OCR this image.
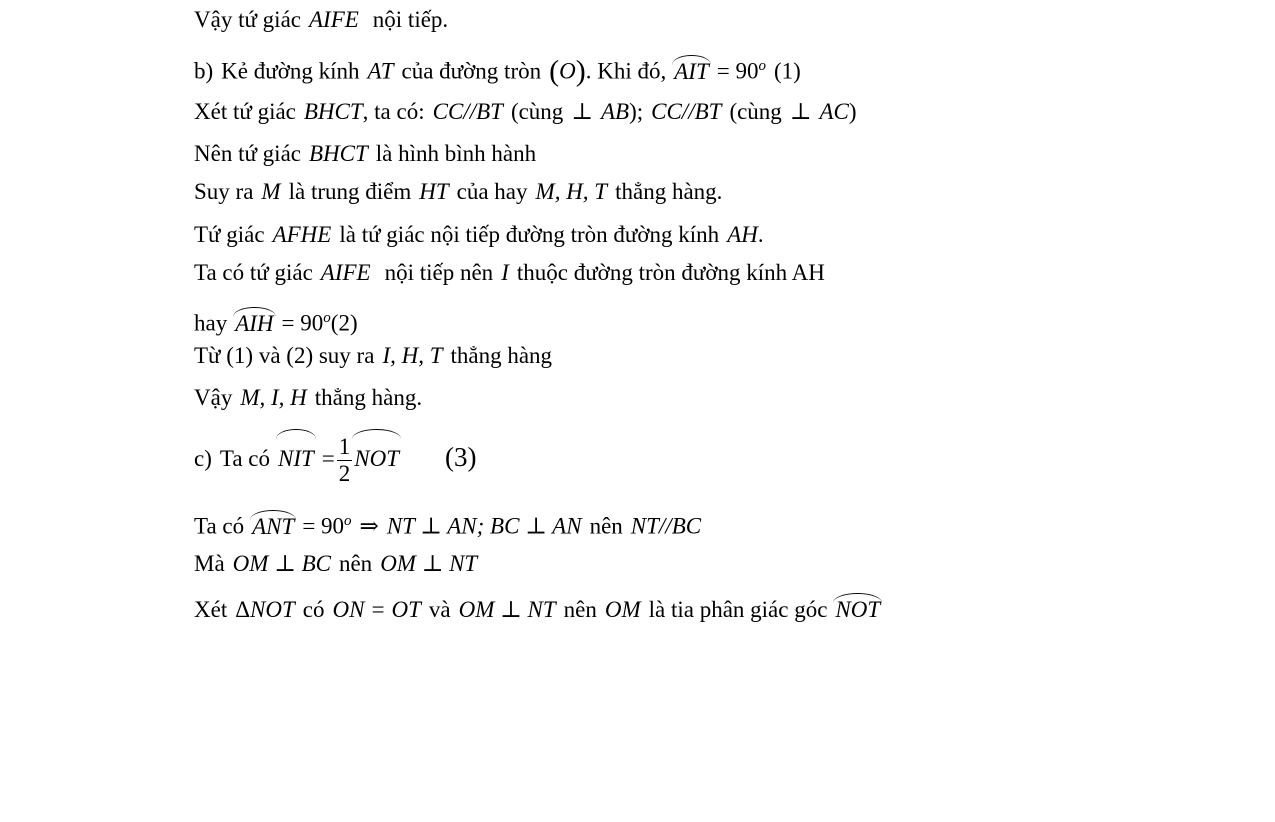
Vậy tứ giác AIFE nội tiếp.
b) Kẻ đường kính AT của đường tròn (O). Khi đó, AIT = $90^o$ (1)
Xét tứ giác BHCT, ta có: CC//BT (cùng ⊥ AB); CC//BT (cùng ⊥ AC)
Nên tứ giác BHCT là hình bình hành
Suy ra M là trung điểm HT của hay M, H, T thẳng hàng.
Tứ giác AFHE là tứ giác nội tiếp đường tròn đường kính AH.
Ta có tứ giác AIFE nội tiếp nên I thuộc đường tròn đường kính AH
hay AIH = $90^o(2)$
Từ (1) và (2) suy ra I, H, T thẳng hàng
Vậy M, I, H thẳng hàng.
c) Ta có NIT = $\frac{1}{2}$ NOT (3)
Ta có ANT = $90^o$ ⇒ NT ⊥ AN; BC ⊥ AN nên NT//BC
Mà OM ⊥ BC nên OM ⊥ NT
Xét ΔNOT có ON = OT và OM ⊥ NT nên OM là tia phân giác góc NOT
